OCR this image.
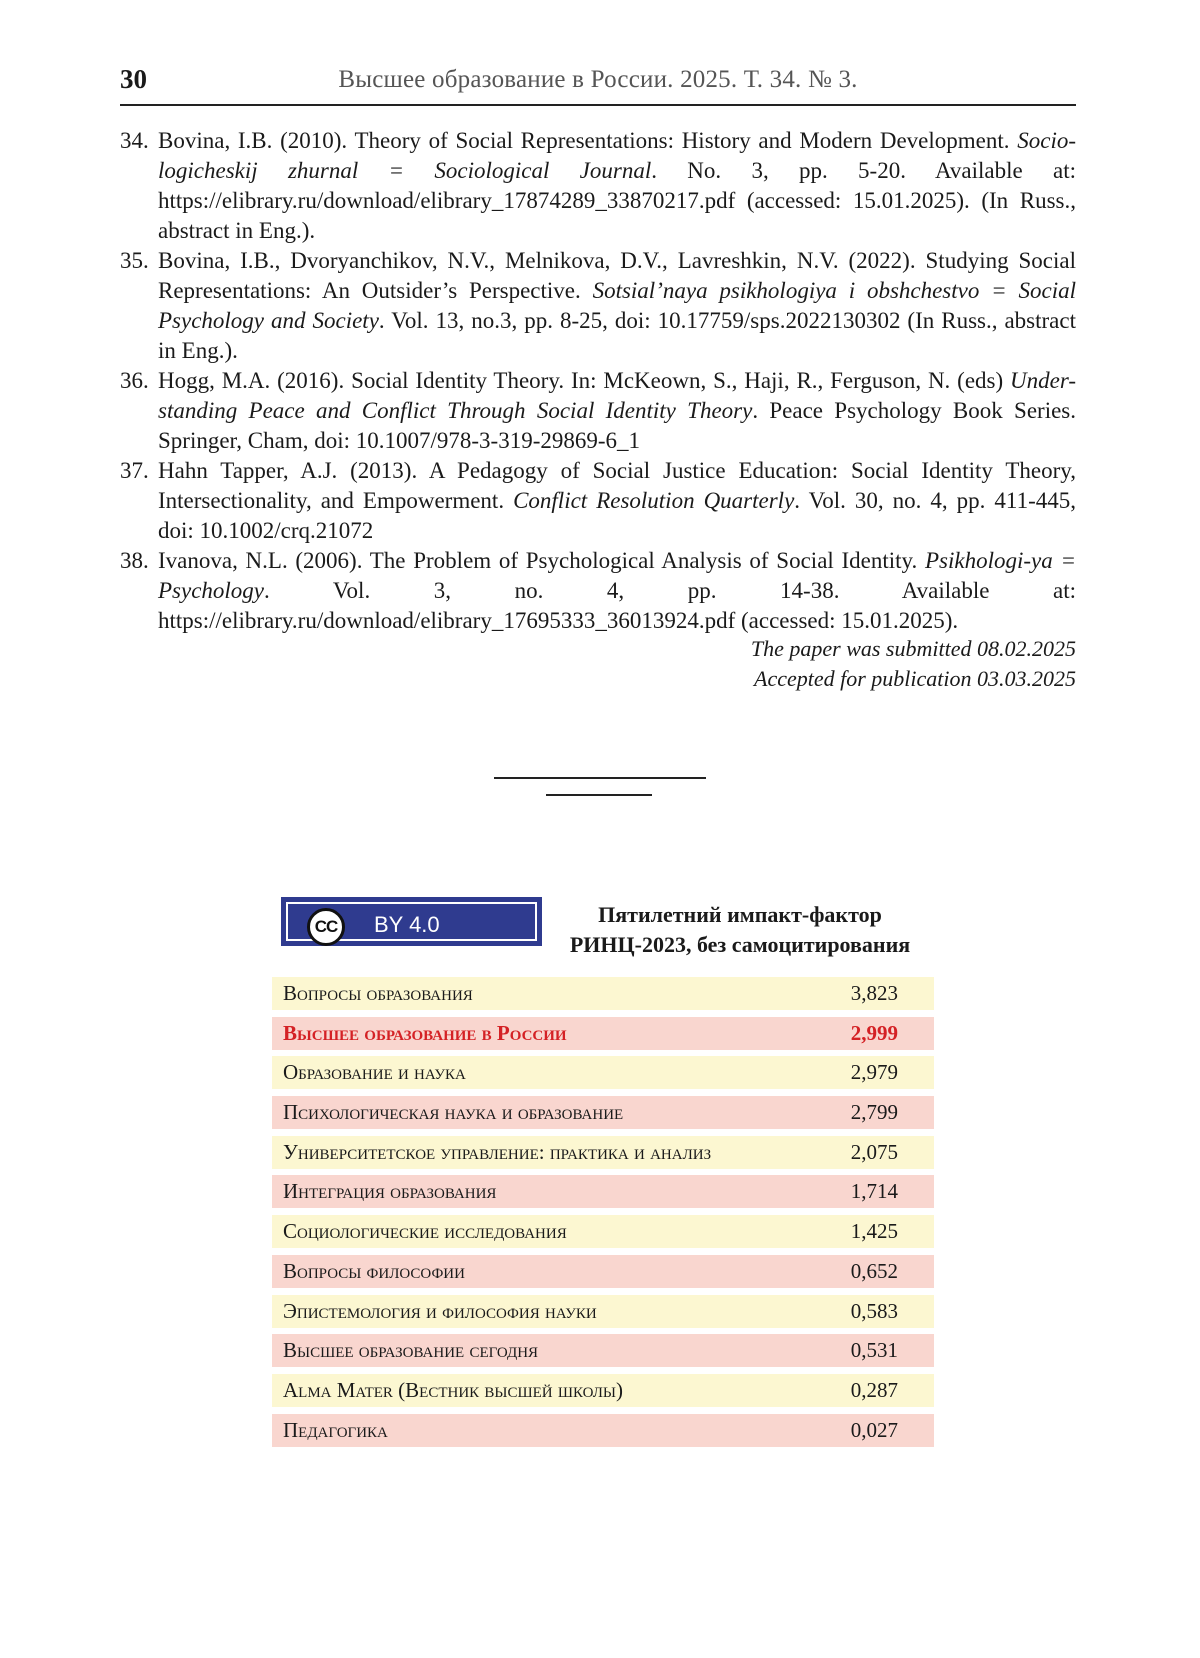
30	Высшее образование в России. 2025. Т. 34. № 3.
34. Bovina, I.B. (2010). Theory of Social Representations: History and Modern Development. Socio-logicheskij zhurnal = Sociological Journal. No. 3, pp. 5-20. Available at: https://elibrary.ru/download/elibrary_17874289_33870217.pdf (accessed: 15.01.2025). (In Russ., abstract in Eng.).
35. Bovina, I.B., Dvoryanchikov, N.V., Melnikova, D.V., Lavreshkin, N.V. (2022). Studying Social Representations: An Outsider’s Perspective. Sotsial’naya psikhologiya i obshchestvo = Social Psychology and Society. Vol. 13, no.3, pp. 8-25, doi: 10.17759/sps.2022130302 (In Russ., abstract in Eng.).
36. Hogg, M.A. (2016). Social Identity Theory. In: McKeown, S., Haji, R., Ferguson, N. (eds) Under-standing Peace and Conflict Through Social Identity Theory. Peace Psychology Book Series. Springer, Cham, doi: 10.1007/978-3-319-29869-6_1
37. Hahn Tapper, A.J. (2013). A Pedagogy of Social Justice Education: Social Identity Theory, Intersectionality, and Empowerment. Conflict Resolution Quarterly. Vol. 30, no. 4, pp. 411-445, doi: 10.1002/crq.21072
38. Ivanova, N.L. (2006). The Problem of Psychological Analysis of Social Identity. Psikhologi-ya = Psychology. Vol. 3, no. 4, pp. 14-38. Available at: https://elibrary.ru/download/elibrary_17695333_36013924.pdf (accessed: 15.01.2025).
The paper was submitted 08.02.2025
Accepted for publication 03.03.2025
CC	BY 4.0	Пятилетний импакт-фактор
РИНЦ-2023, без самоцитирования
Вопросы образования	3,823
Высшее образование в России	2,999
Образование и наука	2,979
Психологическая наука и образование	2,799
Университетское управление: практика и анализ	2,075
Интеграция образования	1,714
Социологические исследования	1,425
Вопросы философии	0,652
Эпистемология и философия науки	0,583
Высшее образование сегодня	0,531
Alma Mater (Вестник высшей школы)	0,287
Педагогика	0,027
